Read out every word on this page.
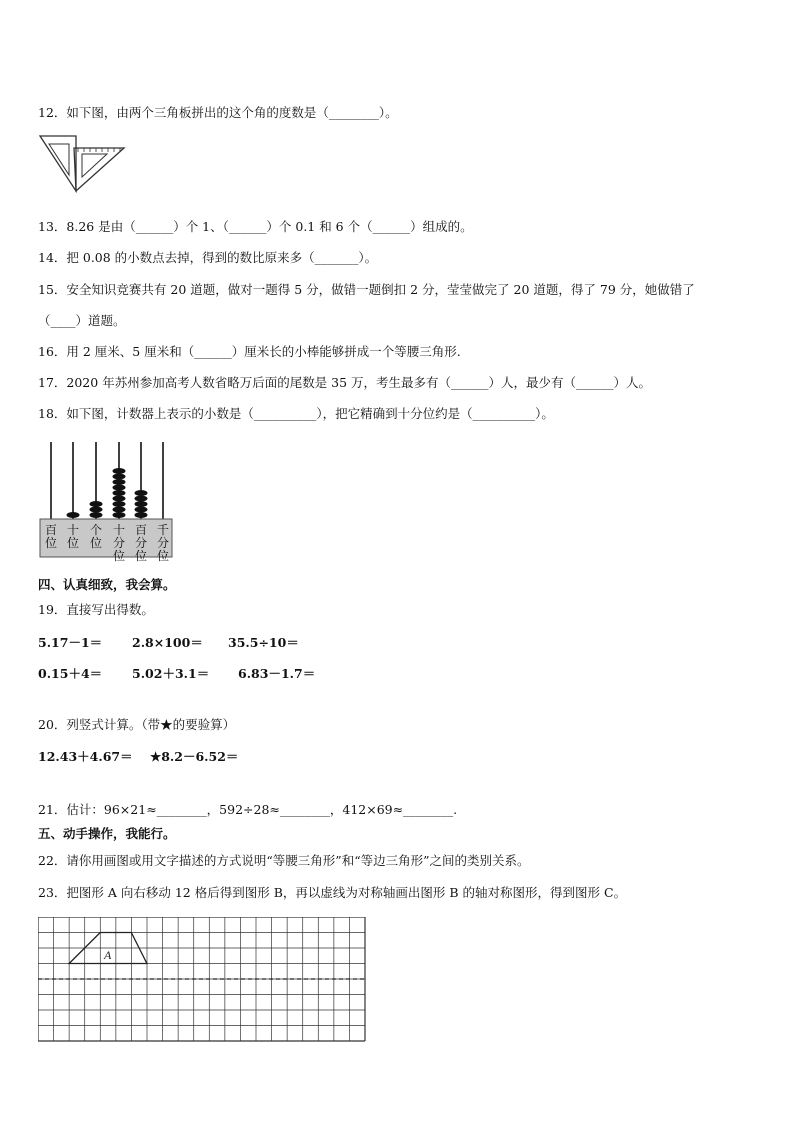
12．如下图，由两个三角板拼出的这个角的度数是（________）。
13．8.26 是由（______）个 1、（______）个 0.1 和 6 个（______）组成的。
14．把 0.08 的小数点去掉，得到的数比原来多（_______）。
15．安全知识竞赛共有 20 道题，做对一题得 5 分，做错一题倒扣 2 分，莹莹做完了 20 道题，得了 79 分，她做错了
（____）道题。
16．用 2 厘米、5 厘米和（______）厘米长的小棒能够拼成一个等腰三角形.
17．2020 年苏州参加高考人数省略万后面的尾数是 35 万，考生最多有（______）人，最少有（______）人。
18．如下图，计数器上表示的小数是（__________），把它精确到十分位约是（__________）。
百
位
十
位
个
位
十
分
位
百
分
位
千
分
位
四、认真细致，我会算。
19．直接写出得数。
5.17－1＝ 2.8×100＝ 35.5÷10＝
0.15＋4＝ 5.02＋3.1＝ 6.83－1.7＝
20．列竖式计算。（带★的要验算）
12.43＋4.67＝ ★8.2－6.52＝
21．估计：96×21≈________，592÷28≈________，412×69≈________.
五、动手操作，我能行。
22．请你用画图或用文字描述的方式说明“等腰三角形”和“等边三角形”之间的类别关系。
23．把图形 A 向右移动 12 格后得到图形 B，再以虚线为对称轴画出图形 B 的轴对称图形，得到图形 C。
A
